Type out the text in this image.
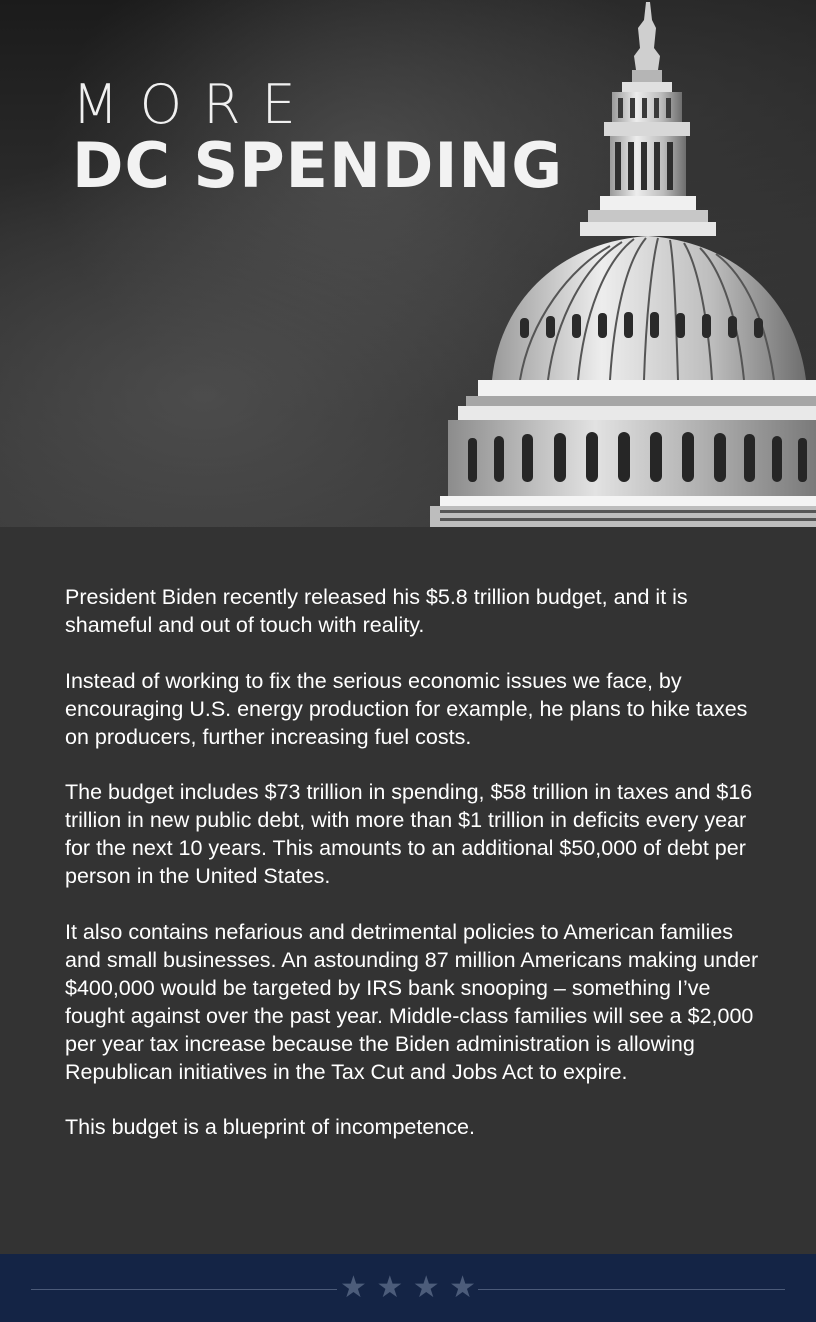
MORE
DC SPENDING

President Biden recently released his $5.8 trillion budget, and it is shameful and out of touch with reality.

Instead of working to fix the serious economic issues we face, by encouraging U.S. energy production for example, he plans to hike taxes on producers, further increasing fuel costs.

The budget includes $73 trillion in spending, $58 trillion in taxes and $16 trillion in new public debt, with more than $1 trillion in deficits every year for the next 10 years. This amounts to an additional $50,000 of debt per person in the United States.

It also contains nefarious and detrimental policies to American families and small businesses. An astounding 87 million Americans making under $400,000 would be targeted by IRS bank snooping – something I’ve fought against over the past year. Middle-class families will see a $2,000 per year tax increase because the Biden administration is allowing Republican initiatives in the Tax Cut and Jobs Act to expire.

This budget is a blueprint of incompetence.

★ ★ ★ ★
